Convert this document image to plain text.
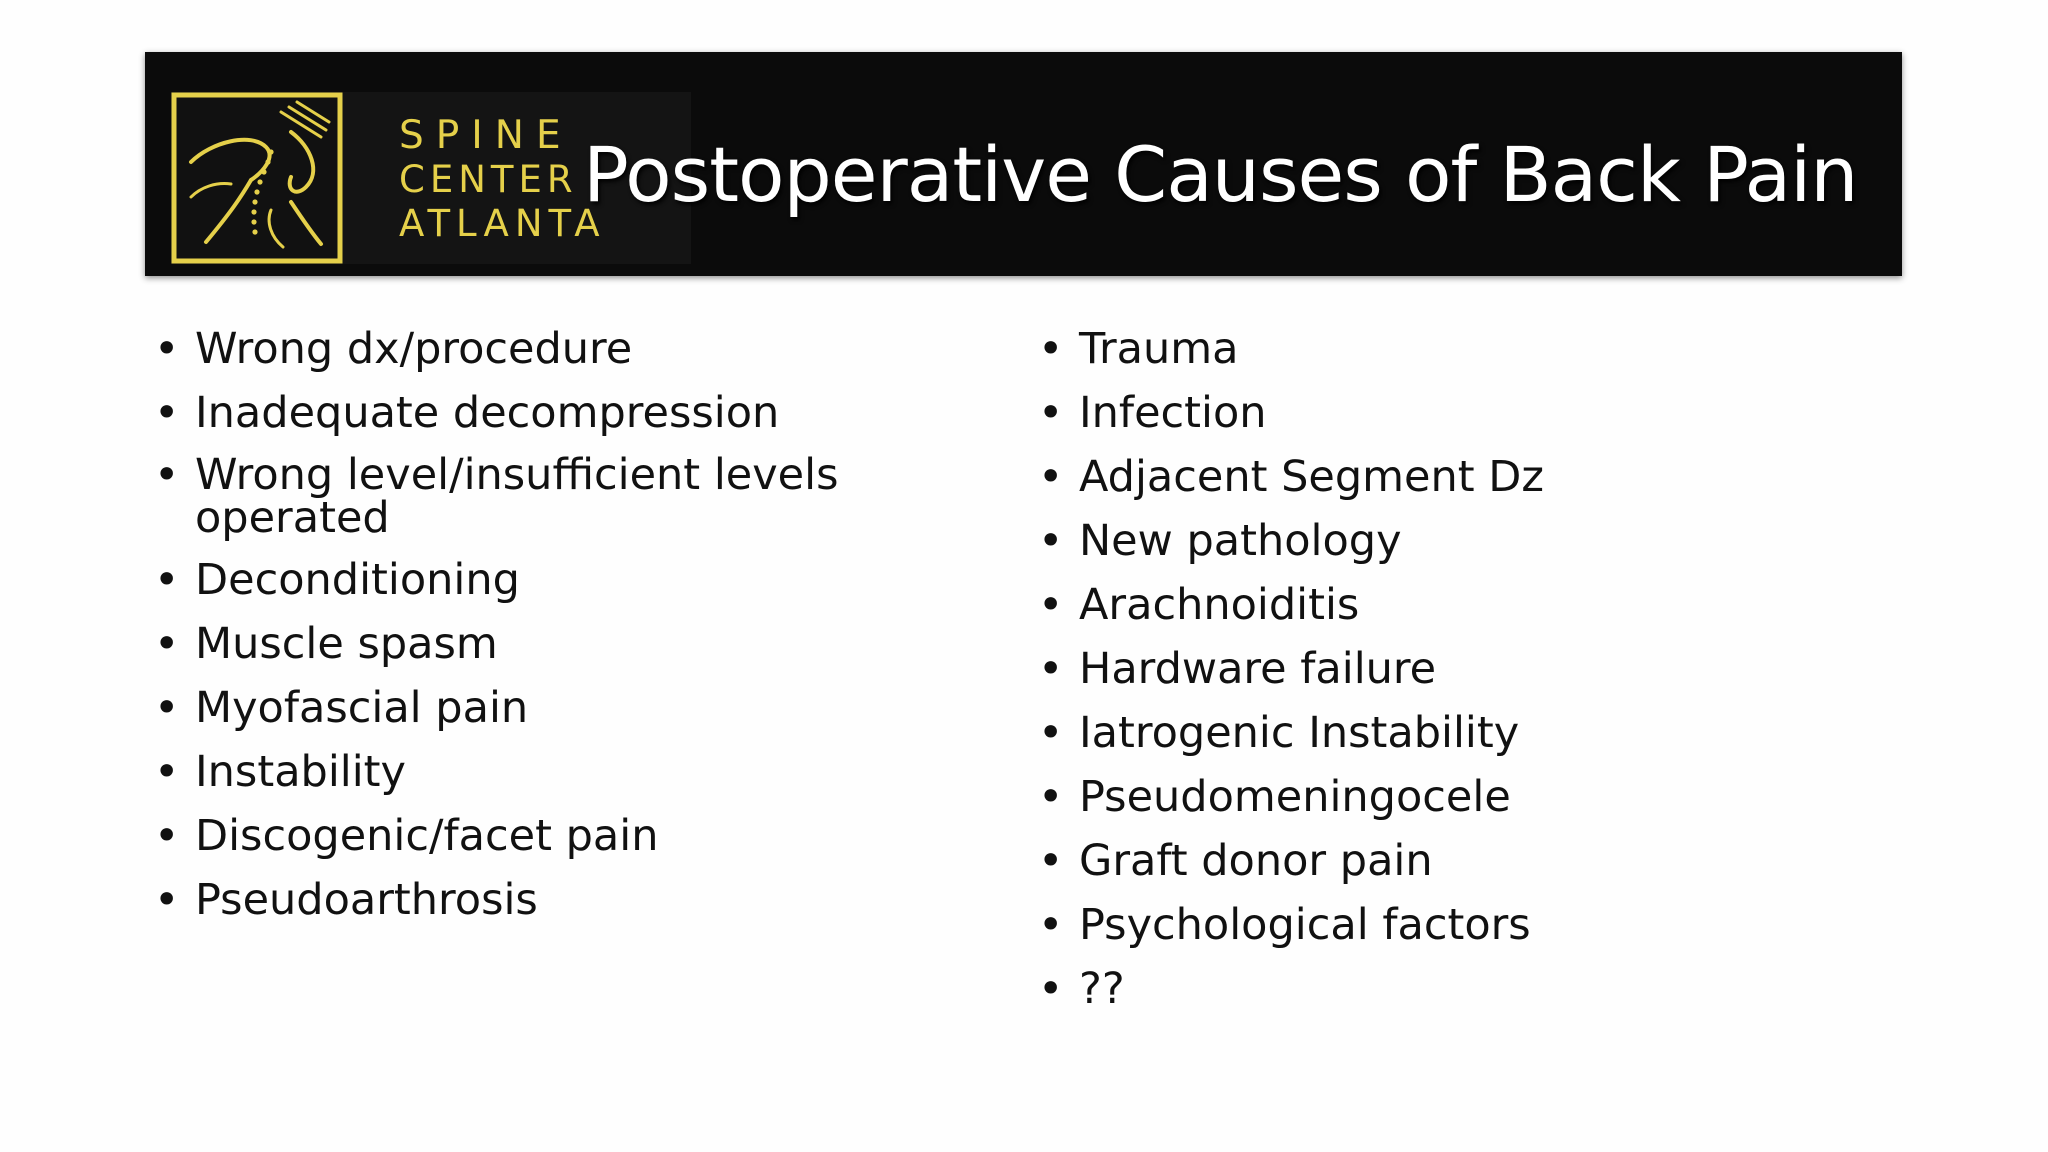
SPINE
CENTER
ATLANTA
Postoperative Causes of Back Pain
• Wrong dx/procedure
• Inadequate decompression
• Wrong level/insufficient levels operated
• Deconditioning
• Muscle spasm
• Myofascial pain
• Instability
• Discogenic/facet pain
• Pseudoarthrosis
• Trauma
• Infection
• Adjacent Segment Dz
• New pathology
• Arachnoiditis
• Hardware failure
• Iatrogenic Instability
• Pseudomeningocele
• Graft donor pain
• Psychological factors
• ??
